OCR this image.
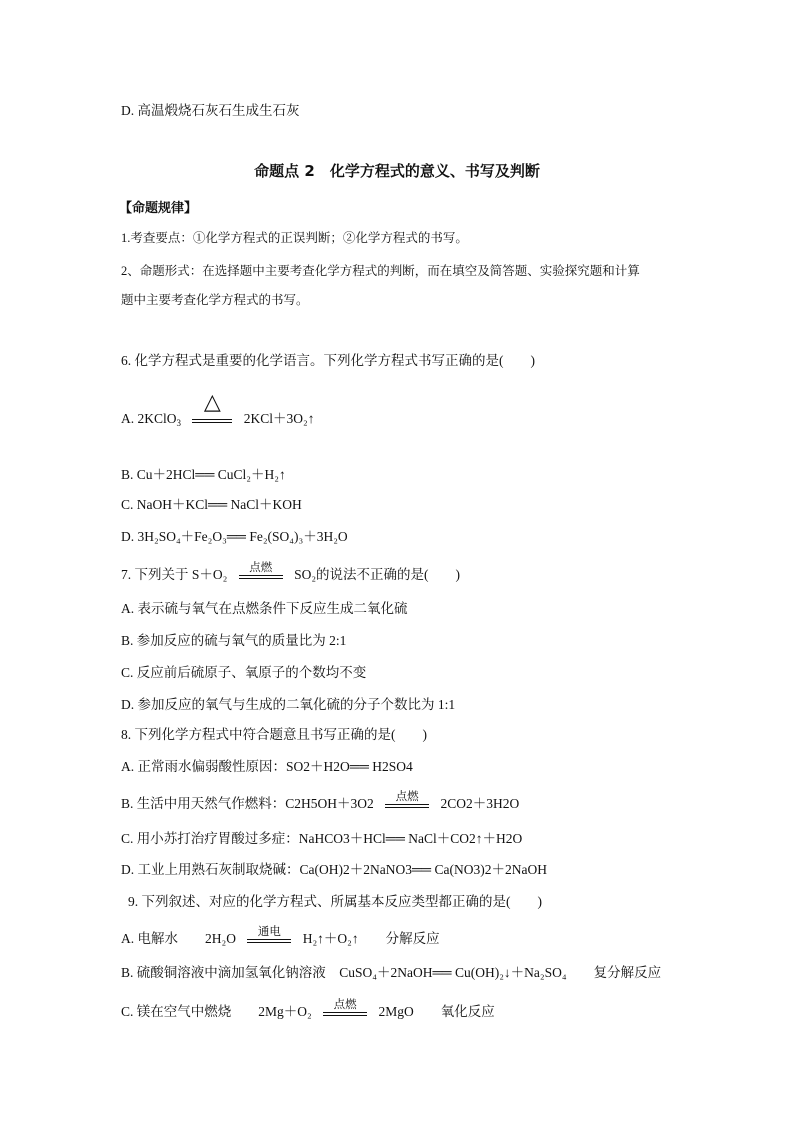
D. 高温煅烧石灰石生成生石灰
命题点 2　化学方程式的意义、书写及判断
【命题规律】
1.考查要点：①化学方程式的正误判断；②化学方程式的书写。
2、命题形式：在选择题中主要考查化学方程式的判断，而在填空及简答题、实验探究题和计算
题中主要考查化学方程式的书写。
6. 化学方程式是重要的化学语言。下列化学方程式书写正确的是(　　)
A. 2KClO$_3$
△
2KCl＋3O₂↑
B. Cu＋2HCl══ CuCl₂＋H₂↑
C. NaOH＋KCl══ NaCl＋KOH
D. 3H₂SO₄＋Fe₂O₃══ Fe₂(SO₄)₃＋3H₂O
7. 下列关于 S＋O₂	点燃	SO₂的说法不正确的是(　　)
A. 表示硫与氧气在点燃条件下反应生成二氧化硫
B. 参加反应的硫与氧气的质量比为 2:1
C. 反应前后硫原子、氧原子的个数均不变
D. 参加反应的氧气与生成的二氧化硫的分子个数比为 1:1
8. 下列化学方程式中符合题意且书写正确的是(　　)
A. 正常雨水偏弱酸性原因：SO2＋H2O══ H2SO4
B. 生活中用天然气作燃料：C2H5OH＋3O2	点燃	2CO2＋3H2O
C. 用小苏打治疗胃酸过多症：NaHCO3＋HCl══ NaCl＋CO2↑＋H2O
D. 工业上用熟石灰制取烧碱：Ca(OH)2＋2NaNO3══ Ca(NO3)2＋2NaOH
9. 下列叙述、对应的化学方程式、所属基本反应类型都正确的是(　　)
A. 电解水　　2H₂O	通电	H₂↑＋O₂↑　　分解反应
B. 硫酸铜溶液中滴加氢氧化钠溶液　CuSO₄＋2NaOH══ Cu(OH)₂↓＋Na₂SO₄　　复分解反应
C. 镁在空气中燃烧　　2Mg＋O₂	点燃	2MgO　　氧化反应
